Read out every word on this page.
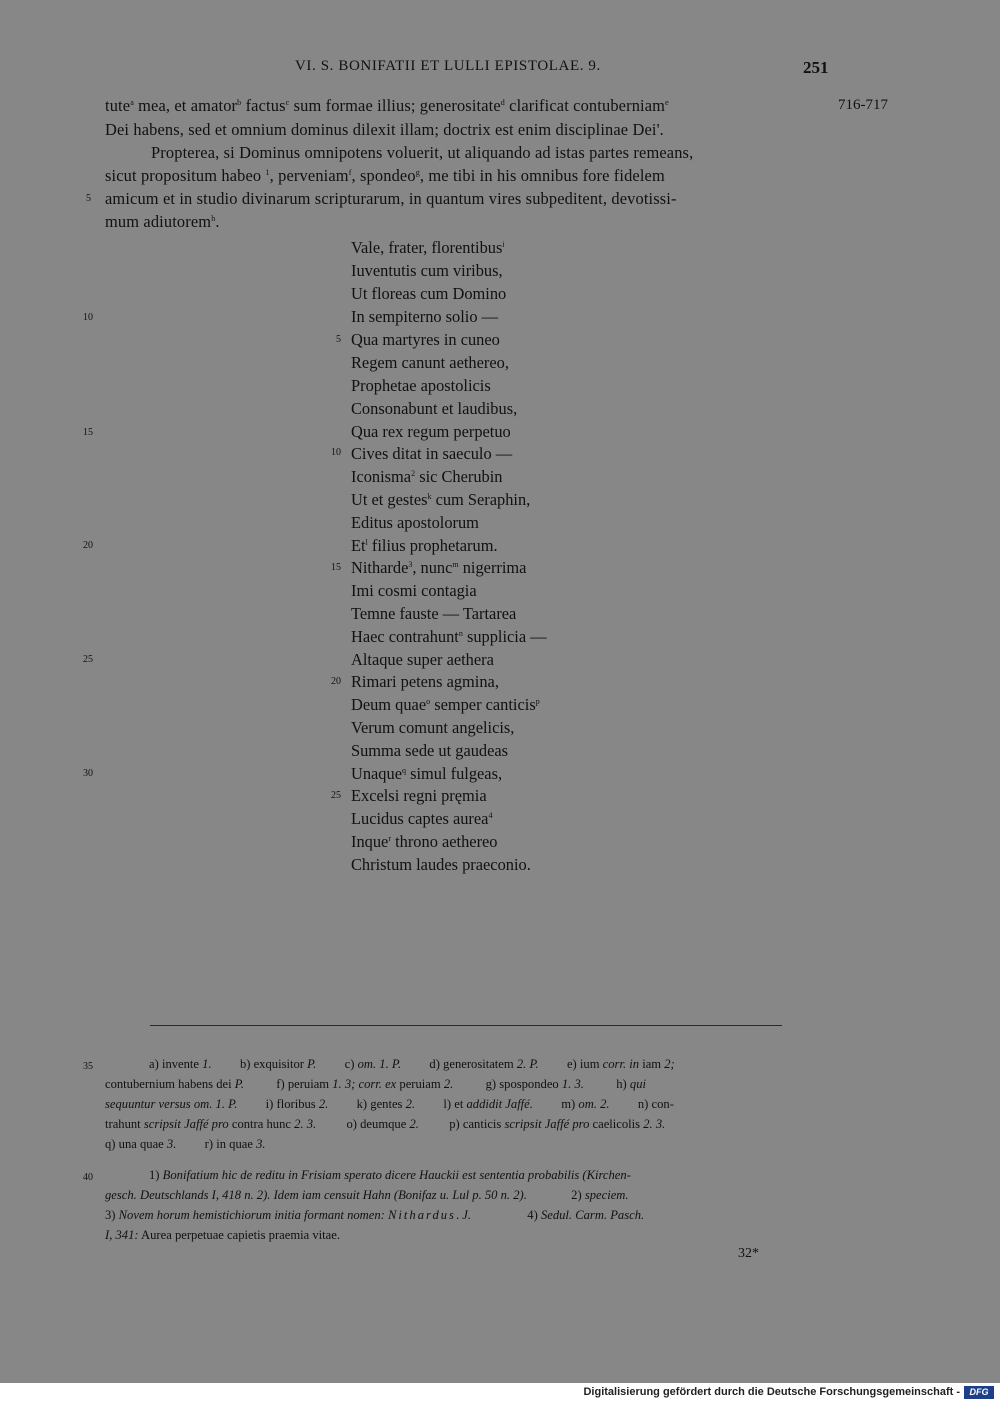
VI. S. BONIFATII ET LULLI EPISTOLAE. 9.	251
716-717
tute$^a$ mea, et amator$^b$ factus$^c$ sum formae illius; generositate$^d$ clarificat contuberniam$^e$
Dei habens, sed et omnium dominus dilexit illam; doctrix est enim disciplinae Dei'.
Propterea, si Dominus omnipotens voluerit, ut aliquando ad istas partes remeans,
sicut propositum habeo $^1$, perveniam$^f$, spondeo$^g$, me tibi in his omnibus fore fidelem
5 amicum et in studio divinarum scripturarum, in quantum vires subpeditent, devotissi-
mum adiutorem$^h$.
10
15
20
25
30
35
40
5
10
15
20
25
Vale, frater, florentibus$^i$
Iuventutis cum viribus,
Ut floreas cum Domino
In sempiterno solio —
Qua martyres in cuneo
Regem canunt aethereo,
Prophetae apostolicis
Consonabunt et laudibus,
Qua rex regum perpetuo
Cives ditat in saeculo —
Iconisma$^2$ sic Cherubin
Ut et gestes$^k$ cum Seraphin,
Editus apostolorum
Et$^l$ filius prophetarum.
Nitharde$^3$, nunc$^m$ nigerrima
Imi cosmi contagia
Temne fauste — Tartarea
Haec contrahunt$^n$ supplicia —
Altaque super aethera
Rimari petens agmina,
Deum quae$^o$ semper canticis$^p$
Verum comunt angelicis,
Summa sede ut gaudeas
Unaque$^q$ simul fulgeas,
Excelsi regni pręmia
Lucidus captes aurea$^4$
Inque$^r$ throno aethereo
Christum laudes praeconio.
a) invente 1. b) exquisitor P. c) om. 1. P. d) generositatem 2. P. e) ium corr. in iam 2;
contubernium habens dei P.	f) peruiam 1. 3; corr. ex peruiam 2.	g) spospondeo 1. 3.	h) qui
sequuntur versus om. 1. P. i) floribus 2. k) gentes 2. l) et addidit Jaffé. m) om. 2. n) con-
trahunt scripsit Jaffé pro contra hunc 2. 3. o) deumque 2. p) canticis scripsit Jaffé pro caelicolis 2. 3.
q) una quae 3. r) in quae 3.
1) Bonifatium hic de reditu in Frisiam sperato dicere Hauckii est sententia probabilis (Kirchen-
gesch. Deutschlands I, 418 n. 2). Idem iam censuit Hahn (Bonifaz u. Lul p. 50 n. 2).	2) speciem.
3) Novem horum hemistichiorum initia formant nomen: Nithardus. J.	4) Sedul. Carm. Pasch.
I, 341: Aurea perpetuae capietis praemia vitae.
32*
Digitalisierung gefördert durch die Deutsche Forschungsgemeinschaft -	DFG
